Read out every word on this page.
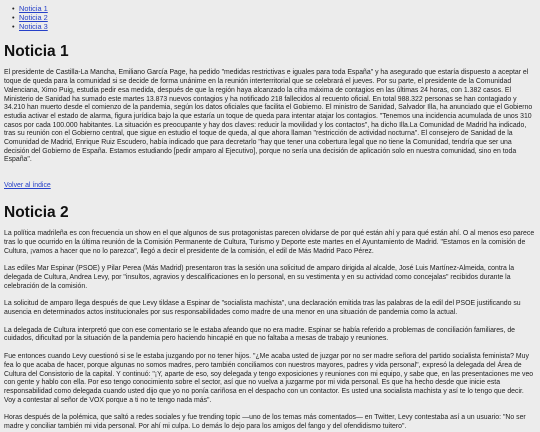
• Noticia 1
• Noticia 2
• Noticia 3
Noticia 1

El presidente de Castilla-La Mancha, Emiliano García Page, ha pedido "medidas restrictivas e iguales para toda España" y ha asegurado que estaría dispuesto a aceptar el toque de queda para la comunidad si se decide de forma unánime en la reunión interterritorial que se celebrará el jueves. Por su parte, el presidente de la Comunidad Valenciana, Ximo Puig, estudia pedir esa medida, después de que la región haya alcanzado la cifra máxima de contagios en las últimas 24 horas, con 1.382 casos. El Ministerio de Sanidad ha sumado este martes 13.873 nuevos contagios y ha notificado 218 fallecidos al recuento oficial. En total 988.322 personas se han contagiado y 34.210 han muerto desde el comienzo de la pandemia, según los datos oficiales que facilita el Gobierno. El ministro de Sanidad, Salvador Illa, ha anunciado que el Gobierno estudia activar el estado de alarma, figura jurídica bajo la que estaría un toque de queda para intentar atajar los contagios. "Tenemos una incidencia acumulada de unos 310 casos por cada 100.000 habitantes. La situación es preocupante y hay dos claves: reducir la movilidad y los contactos", ha dicho Illa.La Comunidad de Madrid ha indicado, tras su reunión con el Gobierno central, que sigue en estudio el toque de queda, al que ahora llaman "restricción de actividad nocturna". El consejero de Sanidad de la Comunidad de Madrid, Enrique Ruiz Escudero, había indicado que para decretarlo "hay que tener una cobertura legal que no tiene la Comunidad, tendría que ser una decisión del Gobierno de España. Estamos estudiando [pedir amparo al Ejecutivo], porque no sería una decisión de aplicación solo en nuestra comunidad, sino en toda España".

Volver al índice
Noticia 2

La política madrileña es con frecuencia un show en el que algunos de sus protagonistas parecen olvidarse de por qué están ahí y para qué están ahí. O al menos eso parece tras lo que ocurrido en la última reunión de la Comisión Permanente de Cultura, Turismo y Deporte este martes en el Ayuntamiento de Madrid. "Estamos en la comisión de Cultura, ¡vamos a hacer que no lo parezca", llegó a decir el presidente de la comisión, el edil de Más Madrid Paco Pérez.

Las ediles Mar Espinar (PSOE) y Pilar Perea (Más Madrid) presentaron tras la sesión una solicitud de amparo dirigida al alcalde, José Luis Martínez-Almeida, contra la delegada de Cultura, Andrea Levy, por "insultos, agravios y descalificaciones en lo personal, en su vestimenta y en su actividad como concejalas" recibidos durante la celebración de la comisión.

La solicitud de amparo llega después de que Levy tildase a Espinar de "socialista machista", una declaración emitida tras las palabras de la edil del PSOE justificando su ausencia en determinados actos institucionales por sus responsabilidades como madre de una menor en una situación de pandemia como la actual.

La delegada de Cultura interpretó que con ese comentario se le estaba afeando que no era madre. Espinar se había referido a problemas de conciliación familiares, de cuidados, dificultad por la situación de la pandemia pero haciendo hincapié en que no faltaba a mesas de trabajo y reuniones.

Fue entonces cuando Levy cuestionó si se le estaba juzgando por no tener hijos. "¿Me acaba usted de juzgar por no ser madre señora del partido socialista feminista? Muy fea lo que acaba de hacer, porque algunas no somos madres, pero también conciliamos con nuestros mayores, padres y vida personal", expresó la delegada del Área de Cultura del Consistorio de la capital. Y continuó: "¡Y, aparte de eso, soy delegada y tengo exposiciones y reuniones con mi equipo, y sabe que, en las presentaciones me veo con gente y hablo con ella. Por eso tengo conocimiento sobre el sector, así que no vuelva a juzgarme por mi vida personal. Es que ha hecho desde que inicie esta responsabilidad como delegada cuando usted dijo que yo no ponía cariñosa en el despacho con un contactor. Es usted una socialista machista y así te lo tengo que decir. Voy a contestar al señor de VOX porque a ti no te tengo nada más".

Horas después de la polémica, que saltó a redes sociales y fue trending topic —uno de los temas más comentados— en Twitter, Levy contestaba así a un usuario: "No ser madre y conciliar también mi vida personal. Por ahí mi culpa. Lo demás lo dejo para los amigos del fango y del ofendidismo tuitero".
